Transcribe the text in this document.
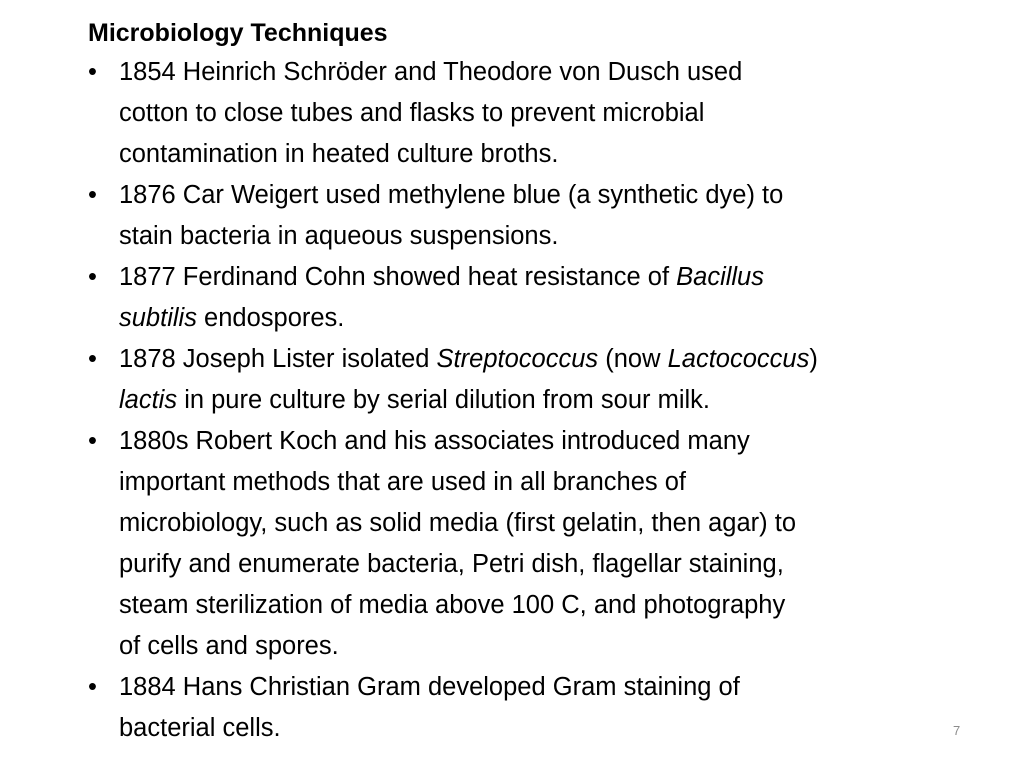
Microbiology Techniques
• 1854 Heinrich Schröder and Theodore von Dusch used
cotton to close tubes and flasks to prevent microbial
contamination in heated culture broths.
• 1876 Car Weigert used methylene blue (a synthetic dye) to
stain bacteria in aqueous suspensions.
• 1877 Ferdinand Cohn showed heat resistance of Bacillus
subtilis endospores.
• 1878 Joseph Lister isolated Streptococcus (now Lactococcus)
lactis in pure culture by serial dilution from sour milk.
• 1880s Robert Koch and his associates introduced many
important methods that are used in all branches of
microbiology, such as solid media (first gelatin, then agar) to
purify and enumerate bacteria, Petri dish, flagellar staining,
steam sterilization of media above 100 C, and photography
of cells and spores.
• 1884 Hans Christian Gram developed Gram staining of
bacterial cells.	7
